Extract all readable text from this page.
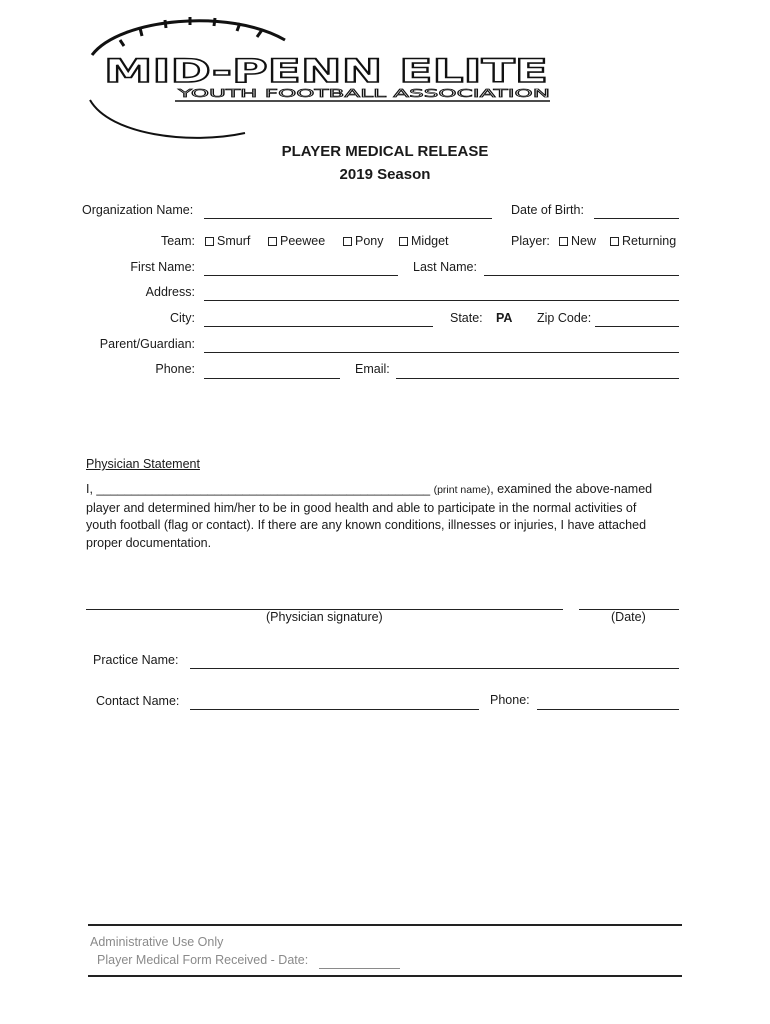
MID-PENN ELITE
YOUTH FOOTBALL ASSOCIATION
PLAYER MEDICAL RELEASE
2019 Season
Organization Name:	Date of Birth:
Team:	Smurf	Peewee	Pony	Midget	Player:	New	Returning
First Name:	Last Name:
Address:
City:	State: PA Zip Code:
Parent/Guardian:
Phone:	Email:
Physician Statement
I, ________________________________________________ (print name), examined the above-named player and determined him/her to be in good health and able to participate in the normal activities of youth football (flag or contact). If there are any known conditions, illnesses or injuries, I have attached proper documentation.
(Physician signature)	(Date)
Practice Name:
Contact Name:	Phone:
Administrative Use Only
Player Medical Form Received - Date:
